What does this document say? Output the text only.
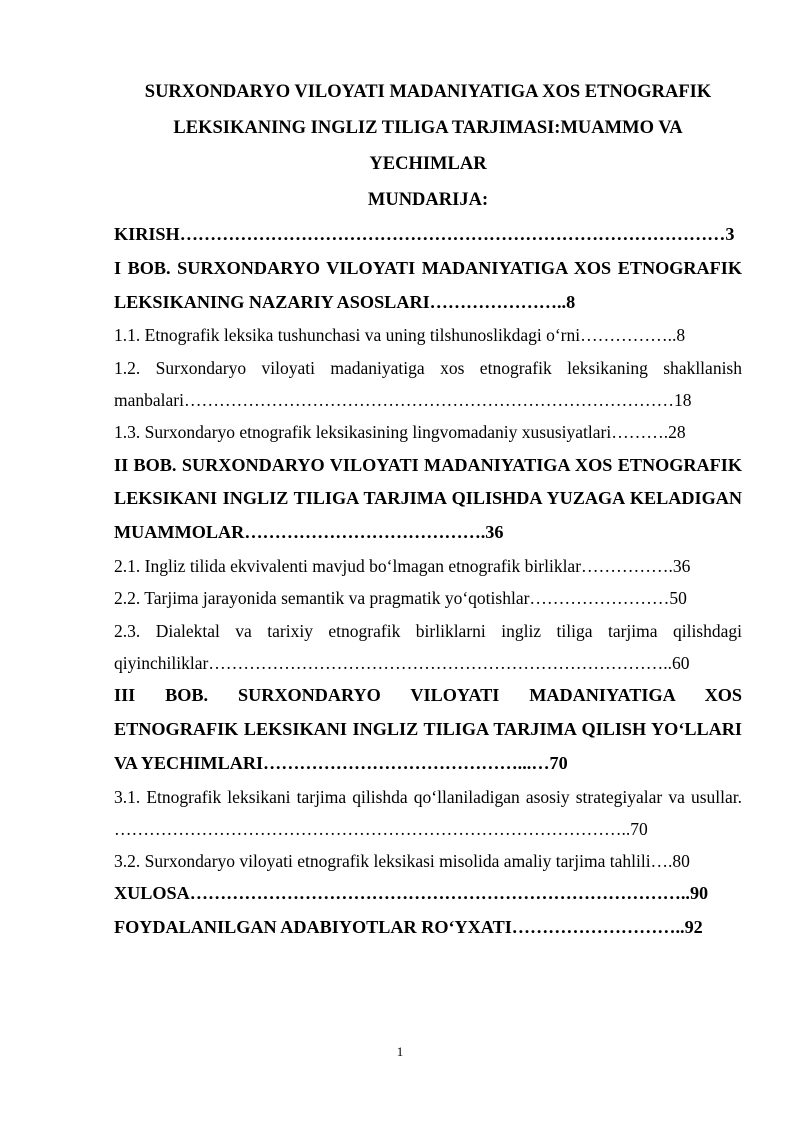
SURXONDARYO VILOYATI MADANIYATIGA XOS ETNOGRAFIK LEKSIKANING INGLIZ TILIGA TARJIMASI:MUAMMO VA YECHIMLAR
MUNDARIJA:
KIRISH………………………………………………………………………………3
I BOB. SURXONDARYO VILOYATI MADANIYATIGA XOS ETNOGRAFIK LEKSIKANING NAZARIY ASOSLARI…………………..8
1.1. Etnografik leksika tushunchasi va uning tilshunoslikdagi o‘rni……………..8
1.2. Surxondaryo viloyati madaniyatiga xos etnografik leksikaning shakllanish manbalari…………………………………………………………………………18
1.3. Surxondaryo etnografik leksikasining lingvomadaniy xususiyatlari……….28
II BOB. SURXONDARYO VILOYATI MADANIYATIGA XOS ETNOGRAFIK LEKSIKANI INGLIZ TILIGA TARJIMA QILISHDA YUZAGA KELADIGAN MUAMMOLAR………………………………….36
2.1. Ingliz tilida ekvivalenti mavjud bo‘lmagan etnografik birliklar…………….36
2.2. Tarjima jarayonida semantik va pragmatik yo‘qotishlar……………………50
2.3. Dialektal va tarixiy etnografik birliklarni ingliz tiliga tarjima qilishdagi qiyinchiliklar……………………………………………………………………..60
III BOB. SURXONDARYO VILOYATI MADANIYATIGA XOS ETNOGRAFIK LEKSIKANI INGLIZ TILIGA TARJIMA QILISH YO‘LLARI VA YECHIMLARI……………………………………...…70
3.1. Etnografik leksikani tarjima qilishda qo‘llaniladigan asosiy strategiyalar va usullar. ……………………………………………………………………………..70
3.2. Surxondaryo viloyati etnografik leksikasi misolida amaliy tarjima tahlili….80
XULOSA………………………………………………………………………..90
FOYDALANILGAN ADABIYOTLAR RO‘YXATI………………………..92
1
